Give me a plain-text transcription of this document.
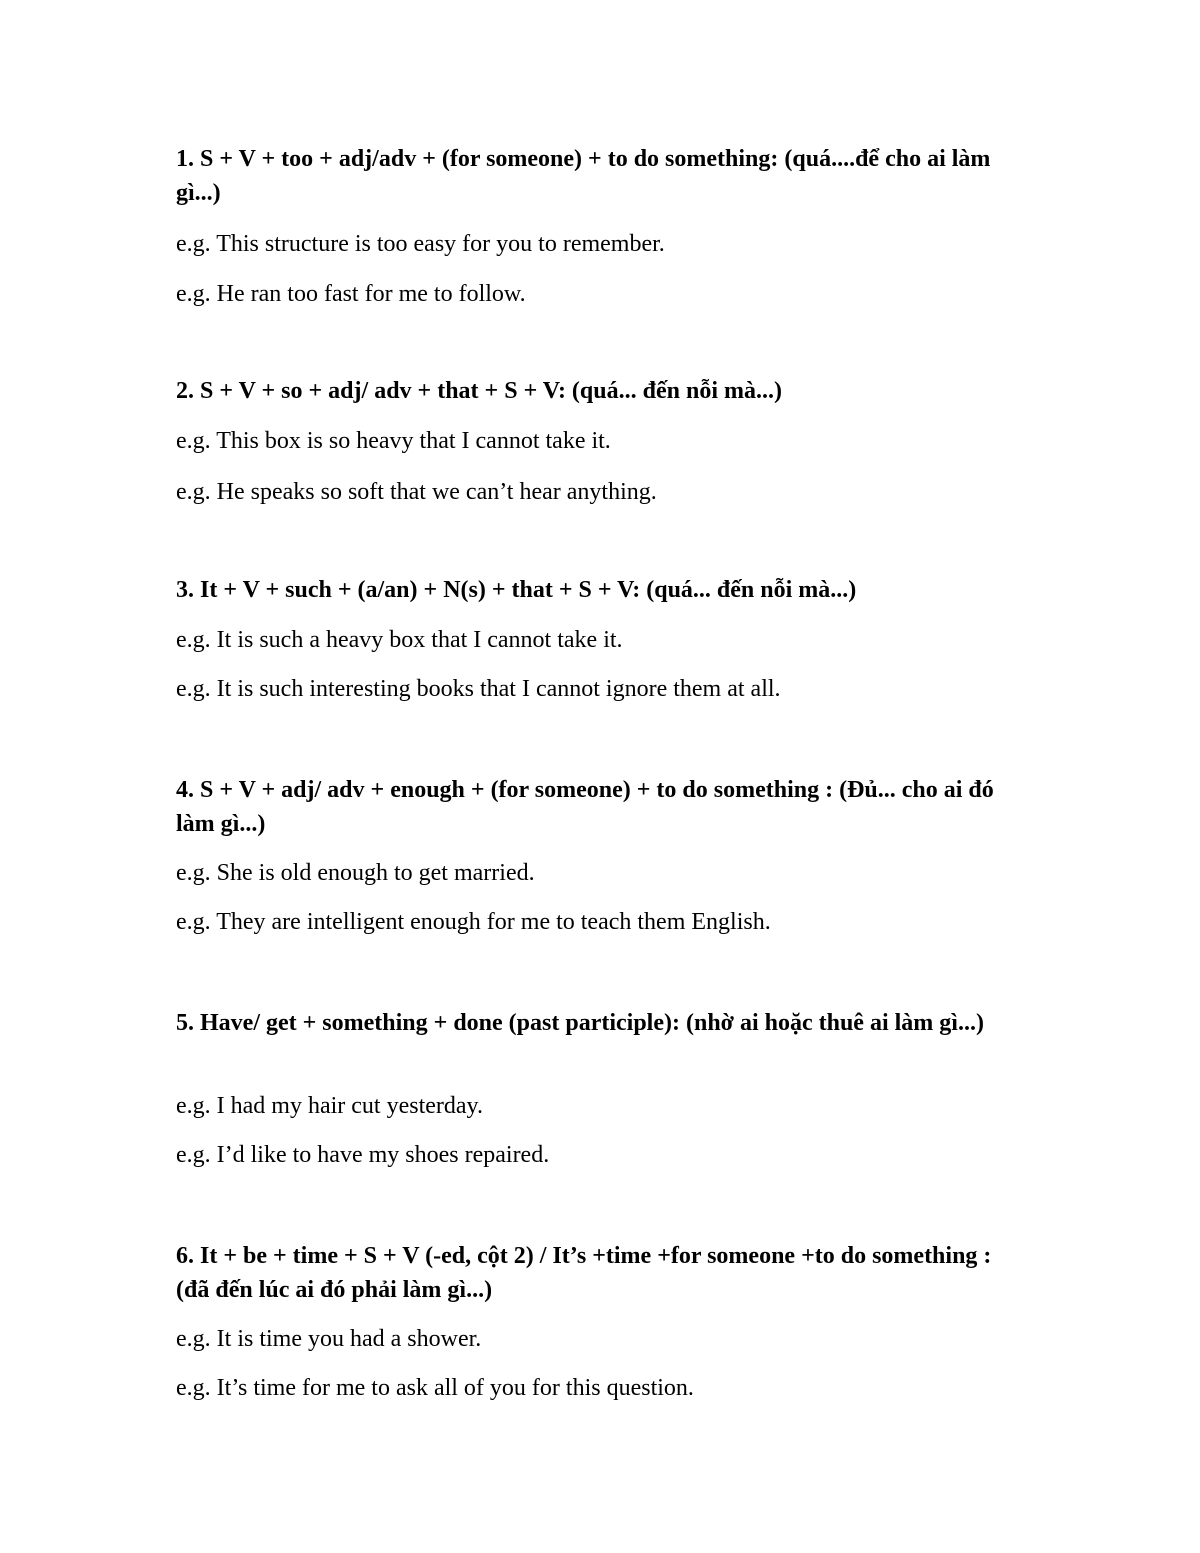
1. S + V + too + adj/adv + (for someone) + to do something: (quá....để cho ai làm gì...)

e.g. This structure is too easy for you to remember.

e.g. He ran too fast for me to follow.

2. S + V + so + adj/ adv + that + S + V: (quá... đến nỗi mà...)

e.g. This box is so heavy that I cannot take it.

e.g. He speaks so soft that we can’t hear anything.

3. It + V + such + (a/an) + N(s) + that + S + V: (quá... đến nỗi mà...)

e.g. It is such a heavy box that I cannot take it.

e.g. It is such interesting books that I cannot ignore them at all.

4. S + V + adj/ adv + enough + (for someone) + to do something : (Đủ... cho ai đó làm gì...)

e.g. She is old enough to get married.

e.g. They are intelligent enough for me to teach them English.

5. Have/ get + something + done (past participle): (nhờ ai hoặc thuê ai làm gì...)

e.g. I had my hair cut yesterday.

e.g. I’d like to have my shoes repaired.

6. It + be + time + S + V (-ed, cột 2) / It’s +time +for someone +to do something : (đã đến lúc ai đó phải làm gì...)

e.g. It is time you had a shower.

e.g. It’s time for me to ask all of you for this question.
